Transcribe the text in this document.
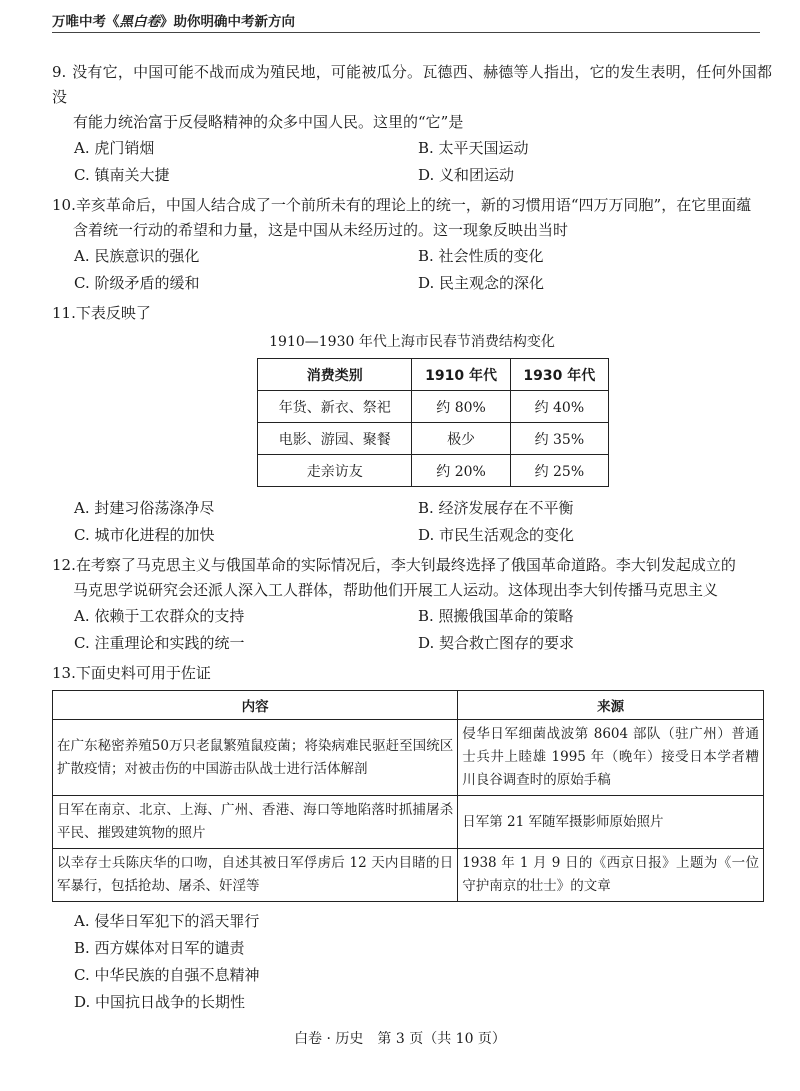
万唯中考《黑白卷》助你明确中考新方向
9. 没有它，中国可能不战而成为殖民地，可能被瓜分。瓦德西、赫德等人指出，它的发生表明，任何外国都没
有能力统治富于反侵略精神的众多中国人民。这里的“它”是
A. 虎门销烟	B. 太平天国运动
C. 镇南关大捷	D. 义和团运动
10.辛亥革命后，中国人结合成了一个前所未有的理论上的统一，新的习惯用语“四万万同胞”，在它里面蕴
含着统一行动的希望和力量，这是中国从未经历过的。这一现象反映出当时
A. 民族意识的强化	B. 社会性质的变化
C. 阶级矛盾的缓和	D. 民主观念的深化
11.下表反映了
1910—1930 年代上海市民春节消费结构变化
消费类别	1910 年代	1930 年代
年货、新衣、祭祀	约 80%	约 40%
电影、游园、聚餐	极少	约 35%
走亲访友	约 20%	约 25%
A. 封建习俗荡涤净尽	B. 经济发展存在不平衡
C. 城市化进程的加快	D. 市民生活观念的变化
12.在考察了马克思主义与俄国革命的实际情况后，李大钊最终选择了俄国革命道路。李大钊发起成立的
马克思学说研究会还派人深入工人群体，帮助他们开展工人运动。这体现出李大钊传播马克思主义
A. 依赖于工农群众的支持	B. 照搬俄国革命的策略
C. 注重理论和实践的统一	D. 契合救亡图存的要求
13.下面史料可用于佐证
内容	来源
在广东秘密养殖50万只老鼠繁殖鼠疫菌；将染病难民驱赶至国统区扩散疫情；对被击伤的中国游击队战士进行活体解剖	侵华日军细菌战波第 8604 部队（驻广州）普通士兵井上睦雄 1995 年（晚年）接受日本学者糟川良谷调查时的原始手稿
日军在南京、北京、上海、广州、香港、海口等地陷落时抓捕屠杀平民、摧毁建筑物的照片	日军第 21 军随军摄影师原始照片
以幸存士兵陈庆华的口吻，自述其被日军俘虏后 12 天内目睹的日军暴行，包括抢劫、屠杀、奸淫等	1938 年 1 月 9 日的《西京日报》上题为《一位守护南京的壮士》的文章
A. 侵华日军犯下的滔天罪行
B. 西方媒体对日军的谴责
C. 中华民族的自强不息精神
D. 中国抗日战争的长期性
白卷 · 历史　第 3 页（共 10 页）
